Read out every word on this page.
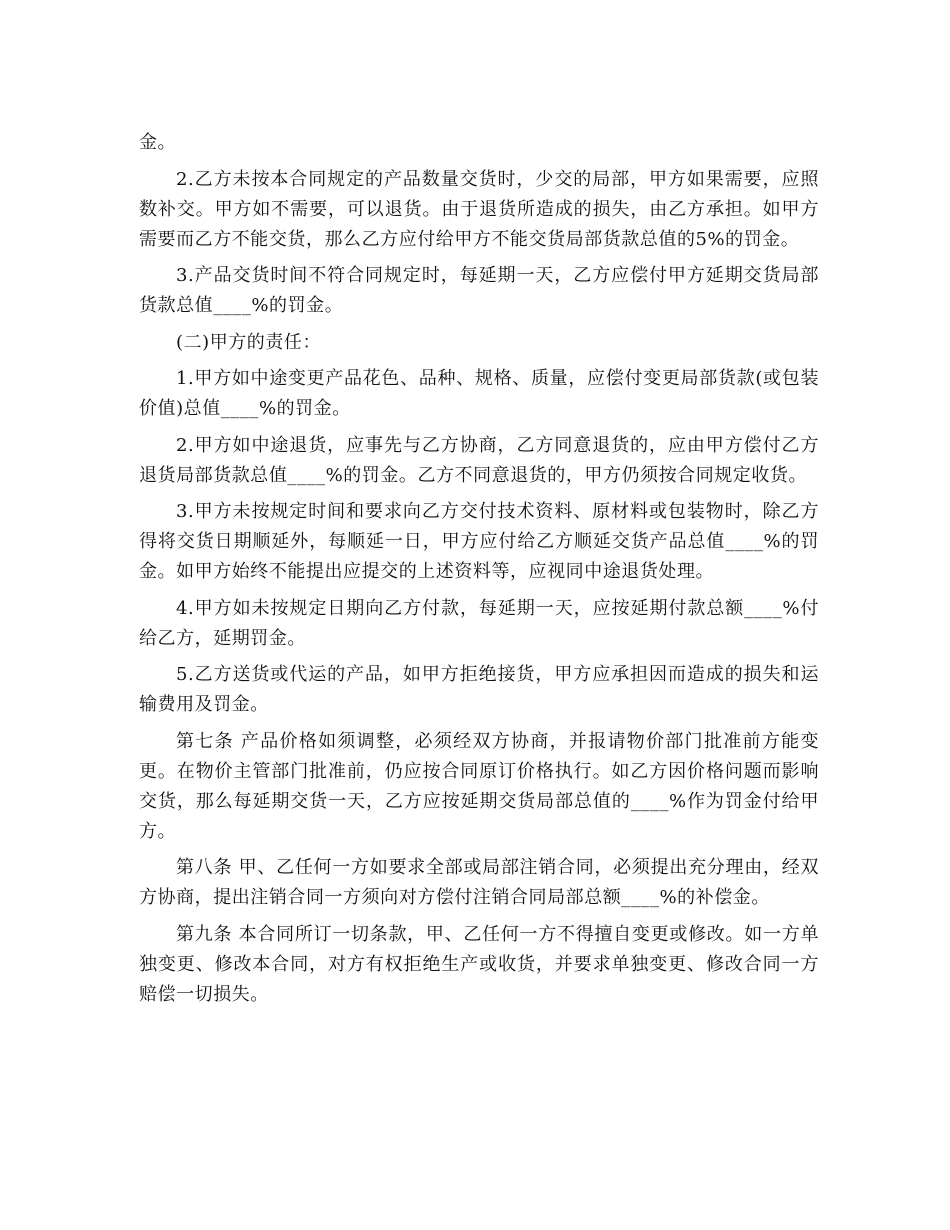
金。

2.乙方未按本合同规定的产品数量交货时，少交的局部，甲方如果需要，应照数补交。甲方如不需要，可以退货。由于退货所造成的损失，由乙方承担。如甲方需要而乙方不能交货，那么乙方应付给甲方不能交货局部货款总值的5%的罚金。

3.产品交货时间不符合同规定时，每延期一天，乙方应偿付甲方延期交货局部货款总值____%的罚金。

(二)甲方的责任：

1.甲方如中途变更产品花色、品种、规格、质量，应偿付变更局部货款(或包装价值)总值____%的罚金。

2.甲方如中途退货，应事先与乙方协商，乙方同意退货的，应由甲方偿付乙方退货局部货款总值____%的罚金。乙方不同意退货的，甲方仍须按合同规定收货。

3.甲方未按规定时间和要求向乙方交付技术资料、原材料或包装物时，除乙方得将交货日期顺延外，每顺延一日，甲方应付给乙方顺延交货产品总值____%的罚金。如甲方始终不能提出应提交的上述资料等，应视同中途退货处理。

4.甲方如未按规定日期向乙方付款，每延期一天，应按延期付款总额____%付给乙方，延期罚金。

5.乙方送货或代运的产品，如甲方拒绝接货，甲方应承担因而造成的损失和运输费用及罚金。

第七条 产品价格如须调整，必须经双方协商，并报请物价部门批准前方能变更。在物价主管部门批准前，仍应按合同原订价格执行。如乙方因价格问题而影响交货，那么每延期交货一天，乙方应按延期交货局部总值的____%作为罚金付给甲方。

第八条 甲、乙任何一方如要求全部或局部注销合同，必须提出充分理由，经双方协商，提出注销合同一方须向对方偿付注销合同局部总额____%的补偿金。

第九条 本合同所订一切条款，甲、乙任何一方不得擅自变更或修改。如一方单独变更、修改本合同，对方有权拒绝生产或收货，并要求单独变更、修改合同一方赔偿一切损失。
